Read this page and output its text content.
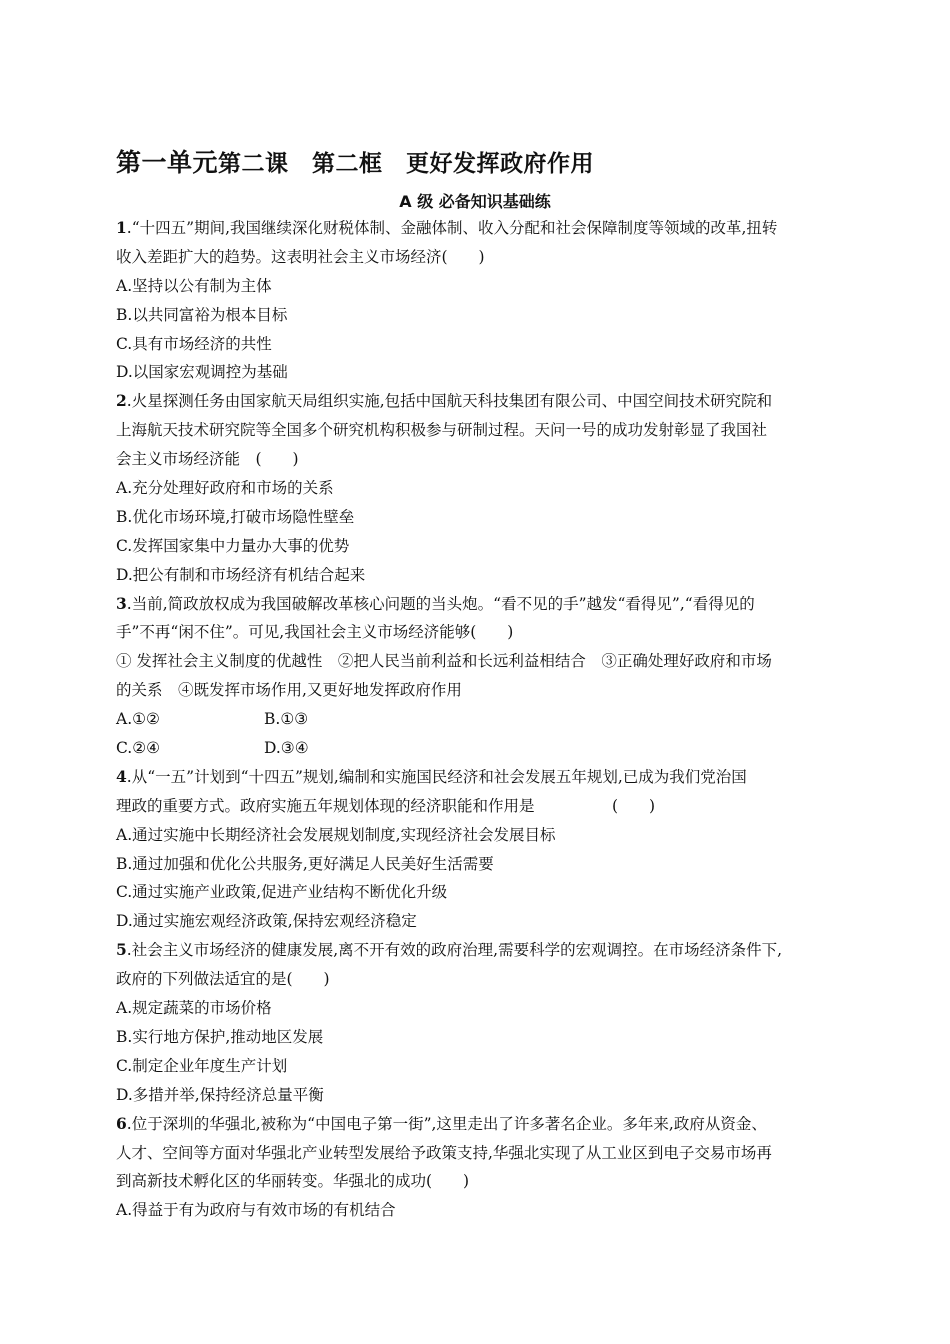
第一单元第二课　第二框　更好发挥政府作用
A 级 必备知识基础练
1.“十四五”期间,我国继续深化财税体制、金融体制、收入分配和社会保障制度等领域的改革,扭转
收入差距扩大的趋势。这表明社会主义市场经济(　　)
A.坚持以公有制为主体
B.以共同富裕为根本目标
C.具有市场经济的共性
D.以国家宏观调控为基础
2.火星探测任务由国家航天局组织实施,包括中国航天科技集团有限公司、中国空间技术研究院和
上海航天技术研究院等全国多个研究机构积极参与研制过程。天问一号的成功发射彰显了我国社
会主义市场经济能　(　　)
A.充分处理好政府和市场的关系
B.优化市场环境,打破市场隐性壁垒
C.发挥国家集中力量办大事的优势
D.把公有制和市场经济有机结合起来
3.当前,简政放权成为我国破解改革核心问题的当头炮。“看不见的手”越发“看得见”,“看得见的
手”不再“闲不住”。可见,我国社会主义市场经济能够(　　)
① 发挥社会主义制度的优越性　②把人民当前利益和长远利益相结合　③正确处理好政府和市场
的关系　④既发挥市场作用,又更好地发挥政府作用
A.①②	B.①③
C.②④	D.③④
4.从“一五”计划到“十四五”规划,编制和实施国民经济和社会发展五年规划,已成为我们党治国
理政的重要方式。政府实施五年规划体现的经济职能和作用是　　　　　(　　)
A.通过实施中长期经济社会发展规划制度,实现经济社会发展目标
B.通过加强和优化公共服务,更好满足人民美好生活需要
C.通过实施产业政策,促进产业结构不断优化升级
D.通过实施宏观经济政策,保持宏观经济稳定
5.社会主义市场经济的健康发展,离不开有效的政府治理,需要科学的宏观调控。在市场经济条件下,
政府的下列做法适宜的是(　　)
A.规定蔬菜的市场价格
B.实行地方保护,推动地区发展
C.制定企业年度生产计划
D.多措并举,保持经济总量平衡
6.位于深圳的华强北,被称为“中国电子第一街”,这里走出了许多著名企业。多年来,政府从资金、
人才、空间等方面对华强北产业转型发展给予政策支持,华强北实现了从工业区到电子交易市场再
到高新技术孵化区的华丽转变。华强北的成功(　　)
A.得益于有为政府与有效市场的有机结合
